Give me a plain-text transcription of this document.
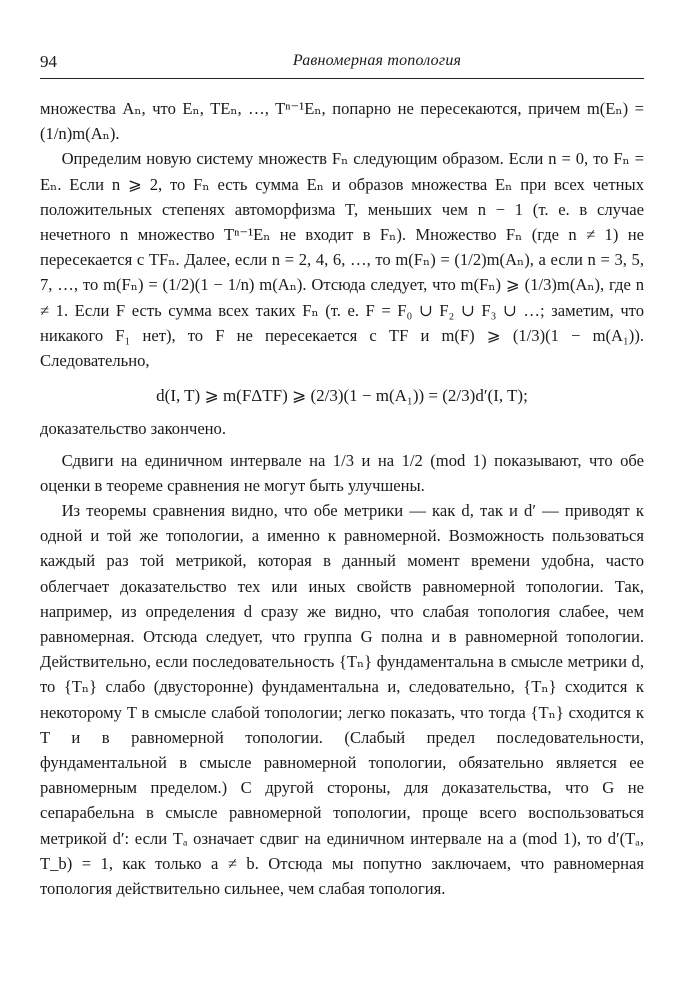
94	Равномерная топология

множества Aₙ, что Eₙ, TEₙ, …, Tⁿ⁻¹Eₙ, попарно не пересекаются, причем m(Eₙ) = (1/n)m(Aₙ).

Определим новую систему множеств Fₙ следующим образом. Если n = 0, то Fₙ = Eₙ. Если n ⩾ 2, то Fₙ есть сумма Eₙ и образов множества Eₙ при всех четных положительных степенях автоморфизма T, меньших чем n − 1 (т. е. в случае нечетного n множество Tⁿ⁻¹Eₙ не входит в Fₙ). Множество Fₙ (где n ≠ 1) не пересекается с TFₙ. Далее, если n = 2, 4, 6, …, то m(Fₙ) = (1/2)m(Aₙ), а если n = 3, 5, 7, …, то m(Fₙ) = (1/2)(1 − 1/n) m(Aₙ). Отсюда следует, что m(Fₙ) ⩾ (1/3)m(Aₙ), где n ≠ 1. Если F есть сумма всех таких Fₙ (т. е. F = F₀ ∪ F₂ ∪ F₃ ∪ …; заметим, что никакого F₁ нет), то F не пересекается с TF и m(F) ⩾ (1/3)(1 − m(A₁)). Следовательно,

d(I, T) ⩾ m(FΔTF) ⩾ (2/3)(1 − m(A₁)) = (2/3)d′(I, T);

доказательство закончено.

Сдвиги на единичном интервале на 1/3 и на 1/2 (mod 1) показывают, что обе оценки в теореме сравнения не могут быть улучшены.

Из теоремы сравнения видно, что обе метрики — как d, так и d′ — приводят к одной и той же топологии, а именно к равномерной. Возможность пользоваться каждый раз той метрикой, которая в данный момент времени удобна, часто облегчает доказательство тех или иных свойств равномерной топологии. Так, например, из определения d сразу же видно, что слабая топология слабее, чем равномерная. Отсюда следует, что группа G полна и в равномерной топологии. Действительно, если последовательность {Tₙ} фундаментальна в смысле метрики d, то {Tₙ} слабо (двусторонне) фундаментальна и, следовательно, {Tₙ} сходится к некоторому T в смысле слабой топологии; легко показать, что тогда {Tₙ} сходится к T и в равномерной топологии. (Слабый предел последовательности, фундаментальной в смысле равномерной топологии, обязательно является ее равномерным пределом.) С другой стороны, для доказательства, что G не сепарабельна в смысле равномерной топологии, проще всего воспользоваться метрикой d′: если Tₐ означает сдвиг на единичном интервале на a (mod 1), то d′(Tₐ, T_b) = 1, как только a ≠ b. Отсюда мы попутно заключаем, что равномерная топология действительно сильнее, чем слабая топология.
